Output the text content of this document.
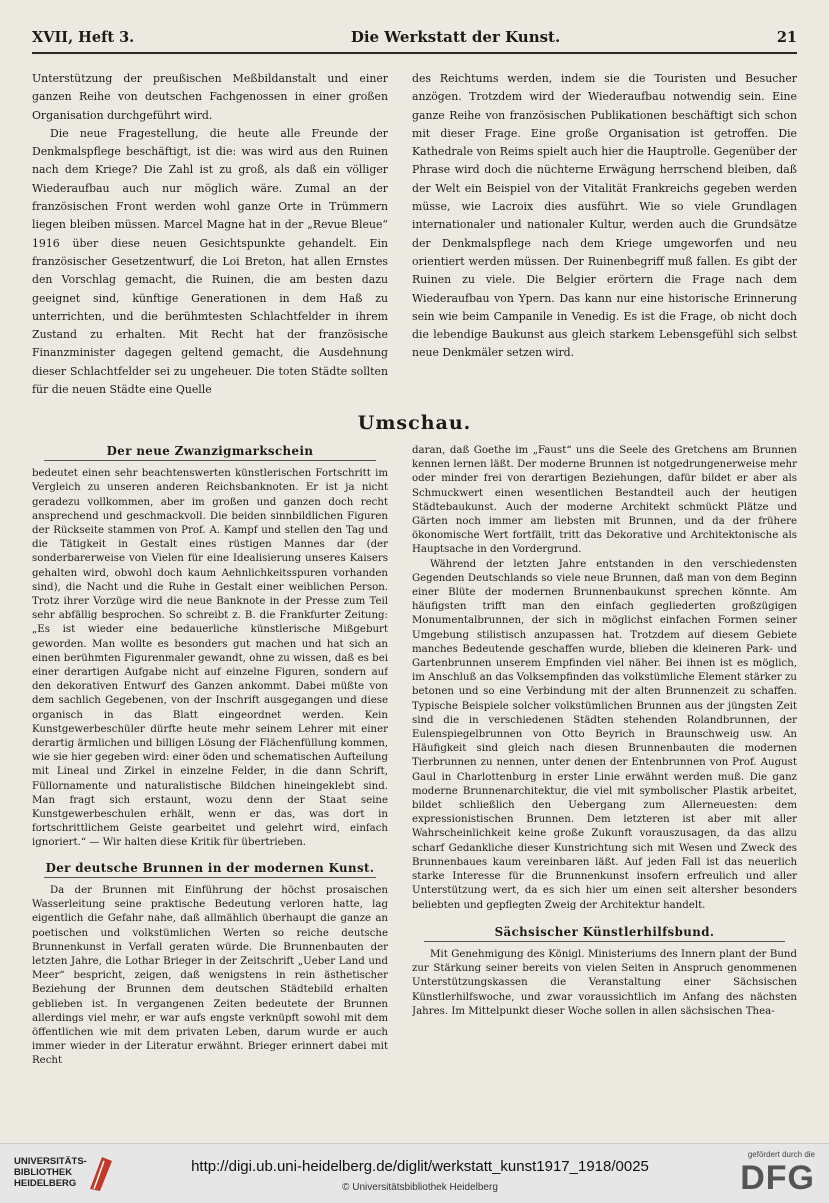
XVII, Heft 3.	Die Werkstatt der Kunst.	21

Unterstützung der preußischen Meßbildanstalt und einer ganzen Reihe von deutschen Fachgenossen in einer großen Organisation durchgeführt wird.

Die neue Fragestellung, die heute alle Freunde der Denkmalspflege beschäftigt, ist die: was wird aus den Ruinen nach dem Kriege? Die Zahl ist zu groß, als daß ein völliger Wiederaufbau auch nur möglich wäre. Zumal an der französischen Front werden wohl ganze Orte in Trümmern liegen bleiben müssen. Marcel Magne hat in der „Revue Bleue“ 1916 über diese neuen Gesichtspunkte gehandelt. Ein französischer Gesetzentwurf, die Loi Breton, hat allen Ernstes den Vorschlag gemacht, die Ruinen, die am besten dazu geeignet sind, künftige Generationen in dem Haß zu unterrichten, und die berühmtesten Schlachtfelder in ihrem Zustand zu erhalten. Mit Recht hat der französische Finanzminister dagegen geltend gemacht, die Ausdehnung dieser Schlachtfelder sei zu ungeheuer. Die toten Städte sollten für die neuen Städte eine Quelle

des Reichtums werden, indem sie die Touristen und Besucher anzögen. Trotzdem wird der Wiederaufbau notwendig sein. Eine ganze Reihe von französischen Publikationen beschäftigt sich schon mit dieser Frage. Eine große Organisation ist getroffen. Die Kathedrale von Reims spielt auch hier die Hauptrolle. Gegenüber der Phrase wird doch die nüchterne Erwägung herrschend bleiben, daß der Welt ein Beispiel von der Vitalität Frankreichs gegeben werden müsse, wie Lacroix dies ausführt. Wie so viele Grundlagen internationaler und nationaler Kultur, werden auch die Grundsätze der Denkmalspflege nach dem Kriege umgeworfen und neu orientiert werden müssen. Der Ruinenbegriff muß fallen. Es gibt der Ruinen zu viele. Die Belgier erörtern die Frage nach dem Wiederaufbau von Ypern. Das kann nur eine historische Erinnerung sein wie beim Campanile in Venedig. Es ist die Frage, ob nicht doch die lebendige Baukunst aus gleich starkem Lebensgefühl sich selbst neue Denkmäler setzen wird.

Umschau.

Der neue Zwanzigmarkschein

bedeutet einen sehr beachtenswerten künstlerischen Fortschritt im Vergleich zu unseren anderen Reichsbanknoten. Er ist ja nicht geradezu vollkommen, aber im großen und ganzen doch recht ansprechend und geschmackvoll. Die beiden sinnbildlichen Figuren der Rückseite stammen von Prof. A. Kampf und stellen den Tag und die Tätigkeit in Gestalt eines rüstigen Mannes dar (der sonderbarerweise von Vielen für eine Idealisierung unseres Kaisers gehalten wird, obwohl doch kaum Aehnlichkeitsspuren vorhanden sind), die Nacht und die Ruhe in Gestalt einer weiblichen Person. Trotz ihrer Vorzüge wird die neue Banknote in der Presse zum Teil sehr abfällig besprochen. So schreibt z. B. die Frankfurter Zeitung: „Es ist wieder eine bedauerliche künstlerische Mißgeburt geworden. Man wollte es besonders gut machen und hat sich an einen berühmten Figurenmaler gewandt, ohne zu wissen, daß es bei einer derartigen Aufgabe nicht auf einzelne Figuren, sondern auf den dekorativen Entwurf des Ganzen ankommt. Dabei müßte von dem sachlich Gegebenen, von der Inschrift ausgegangen und diese organisch in das Blatt eingeordnet werden. Kein Kunstgewerbeschüler dürfte heute mehr seinem Lehrer mit einer derartig ärmlichen und billigen Lösung der Flächenfüllung kommen, wie sie hier gegeben wird: einer öden und schematischen Aufteilung mit Lineal und Zirkel in einzelne Felder, in die dann Schrift, Füllornamente und naturalistische Bildchen hineingeklebt sind. Man fragt sich erstaunt, wozu denn der Staat seine Kunstgewerbeschulen erhält, wenn er das, was dort in fortschrittlichem Geiste gearbeitet und gelehrt wird, einfach ignoriert.“ — Wir halten diese Kritik für übertrieben.

Der deutsche Brunnen in der modernen Kunst.

Da der Brunnen mit Einführung der höchst prosaischen Wasserleitung seine praktische Bedeutung verloren hatte, lag eigentlich die Gefahr nahe, daß allmählich überhaupt die ganze an poetischen und volkstümlichen Werten so reiche deutsche Brunnenkunst in Verfall geraten würde. Die Brunnenbauten der letzten Jahre, die Lothar Brieger in der Zeitschrift „Ueber Land und Meer“ bespricht, zeigen, daß wenigstens in rein ästhetischer Beziehung der Brunnen dem deutschen Städtebild erhalten geblieben ist. In vergangenen Zeiten bedeutete der Brunnen allerdings viel mehr, er war aufs engste verknüpft sowohl mit dem öffentlichen wie mit dem privaten Leben, darum wurde er auch immer wieder in der Literatur erwähnt. Brieger erinnert dabei mit Recht

daran, daß Goethe im „Faust“ uns die Seele des Gretchens am Brunnen kennen lernen läßt. Der moderne Brunnen ist notgedrungenerweise mehr oder minder frei von derartigen Beziehungen, dafür bildet er aber als Schmuckwert einen wesentlichen Bestandteil auch der heutigen Städtebaukunst. Auch der moderne Architekt schmückt Plätze und Gärten noch immer am liebsten mit Brunnen, und da der frühere ökonomische Wert fortfällt, tritt das Dekorative und Architektonische als Hauptsache in den Vordergrund.

Während der letzten Jahre entstanden in den verschiedensten Gegenden Deutschlands so viele neue Brunnen, daß man von dem Beginn einer Blüte der modernen Brunnenbaukunst sprechen könnte. Am häufigsten trifft man den einfach gegliederten großzügigen Monumentalbrunnen, der sich in möglichst einfachen Formen seiner Umgebung stilistisch anzupassen hat. Trotzdem auf diesem Gebiete manches Bedeutende geschaffen wurde, blieben die kleineren Park- und Gartenbrunnen unserem Empfinden viel näher. Bei ihnen ist es möglich, im Anschluß an das Volksempfinden das volkstümliche Element stärker zu betonen und so eine Verbindung mit der alten Brunnenzeit zu schaffen. Typische Beispiele solcher volkstümlichen Brunnen aus der jüngsten Zeit sind die in verschiedenen Städten stehenden Rolandbrunnen, der Eulenspiegelbrunnen von Otto Beyrich in Braunschweig usw. An Häufigkeit sind gleich nach diesen Brunnenbauten die modernen Tierbrunnen zu nennen, unter denen der Entenbrunnen von Prof. August Gaul in Charlottenburg in erster Linie erwähnt werden muß. Die ganz moderne Brunnenarchitektur, die viel mit symbolischer Plastik arbeitet, bildet schließlich den Uebergang zum Allerneuesten: dem expressionistischen Brunnen. Dem letzteren ist aber mit aller Wahrscheinlichkeit keine große Zukunft vorauszusagen, da das allzu scharf Gedankliche dieser Kunstrichtung sich mit Wesen und Zweck des Brunnenbaues kaum vereinbaren läßt. Auf jeden Fall ist das neuerlich starke Interesse für die Brunnenkunst insofern erfreulich und aller Unterstützung wert, da es sich hier um einen seit altersher besonders beliebten und gepflegten Zweig der Architektur handelt.

Sächsischer Künstlerhilfsbund.

Mit Genehmigung des Königl. Ministeriums des Innern plant der Bund zur Stärkung seiner bereits von vielen Seiten in Anspruch genommenen Unterstützungskassen die Veranstaltung einer Sächsischen Künstlerhilfswoche, und zwar voraussichtlich im Anfang des nächsten Jahres. Im Mittelpunkt dieser Woche sollen in allen sächsischen Thea-

UNIVERSITÄTS-
BIBLIOTHEK
HEIDELBERG
http://digi.ub.uni-heidelberg.de/diglit/werkstatt_kunst1917_1918/0025
© Universitätsbibliothek Heidelberg
gefördert durch die
DFG
